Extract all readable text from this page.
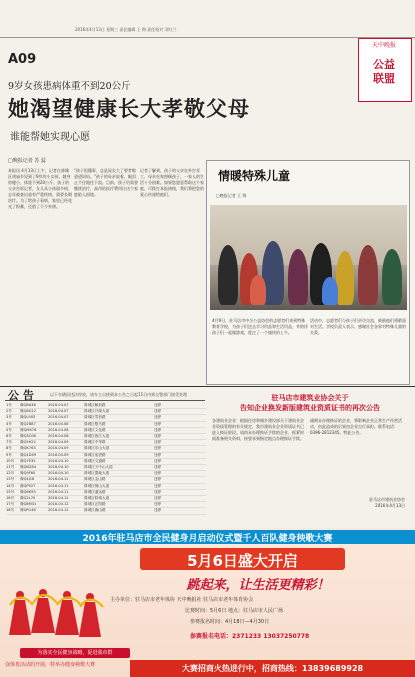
2016年4月13日 星期三 责任编辑 王 锦 责任校对 刘红兰
A09
天中晚报
公益
联盟
9岁女孩患病体重不到20公斤
她渴望健康长大孝敬父母
谁能帮她实现心愿
□晚报记者 苏 蕊
本报讯 4月13日上午，记者在驿城区胡庙乡见到了9岁的小女孩，她身材瘦小，体重不到20公斤。孩子的父亲告诉记者，女儿从小体弱多病，去年被查出患有严重疾病，需要长期治疗。为了给孩子看病，家里已经花光了积蓄，还借了不少外债。
"孩子很懂事，总是说长大了要孝敬爸爸妈妈。"孩子的母亲说着，眼泪止不住地往下流。目前，孩子仍需要继续治疗，高昂的医疗费用让这个家庭陷入困境。
记者了解到，孩子的父亲在外打零工，母亲在家照顾孩子，一家人的生活十分困难。如果您愿意帮助这个家庭，可拨打本报热线，我们将把您的爱心传递给他们。
情暖特殊儿童
□晚报记者 王 锦
4月9日，驻马店市中岳公益协会的志愿者们来到特殊教育学校，为孩子们送去学习用品和生活用品，并陪伴孩子们一起做游戏，度过了一个愉快的上午。
活动中，志愿者们与孩子们亲切交流，鼓励他们勇敢面对生活。学校负责人表示，感谢社会各界对特殊儿童的关爱。
公 告	以下车辆因违法停放，请车主自接到本公告之日起15日内到交警部门接受处理
1号 豫Q8A36	2016.04.07	驿城区解放路	违停
2号 豫Q6G12	2016.04.07	驿城区开源大道	违停
3号 豫QL9X5	2016.04.07	驿城区雪松路	违停
4号 豫Q2B87	2016.04.08	驿城区骏马路	违停
5号 豫QM476	2016.04.08	驿城区文化路	违停
6号 豫Q3C08	2016.04.08	驿城区练江大道	违停
7号 豫Q5H21	2016.04.09	驿城区中华路	违停
8号 豫QK763	2016.04.09	驿城区乐山大道	违停
9号 豫Q1D49	2016.04.09	驿城区前进路	违停
10号 豫Q7E35	2016.04.10	驿城区交通路	违停
11号 豫QN284	2016.04.10	驿城区天中山大道	违停
12号 豫Q9F60	2016.04.10	驿城区置地大道	违停
13号 豫Q4J18	2016.04.11	驿城区金山路	违停
14号 豫QP527	2016.04.11	驿城区铜山大道	违停
15号 豫Q6K93	2016.04.11	驿城区通达路	违停
16号 豫Q2L70	2016.04.12	驿城区驿城大道	违停
17号 豫Q8M31	2016.04.12	驿城区正阳路	违停
18号 豫QR146	2016.04.12	驿城区确山路	违停
驻马店市建筑业协会关于
告知企业换发新版建筑业资质证书的再次公告
各建筑业企业：根据住房和城乡建设部关于建筑业企业资质管理的有关规定，我市建筑业企业资质证书已进入换证阶段。请尚未办理换证手续的企业，抓紧时间准备相关资料，按要求到指定地点办理换证手续。
逾期未办理换证的企业，将影响企业正常生产经营活动，由此造成的后果由企业自行承担。联系电话：0396-2812345。特此公告。
驻马店市建筑业协会
2016年4月13日
2016年驻马店市全民健身月启动仪式暨千人百队健身秧歌大赛
5月6日盛大开启
跳起来，让生活更精彩！
主办单位：驻马店市老年体协 天中晚报社 驻马店市老年体育协会
比赛时间：5月6日 地点：驻马店市人民广场
参赛报名时间：4月18日—4月30日
参赛报名电话：2371233 13037250778
为落实全民健身战略，促进我市群
众体育活动的开展，特举办健身秧歌大赛	大赛招商火热进行中，招商热线：13839689928
